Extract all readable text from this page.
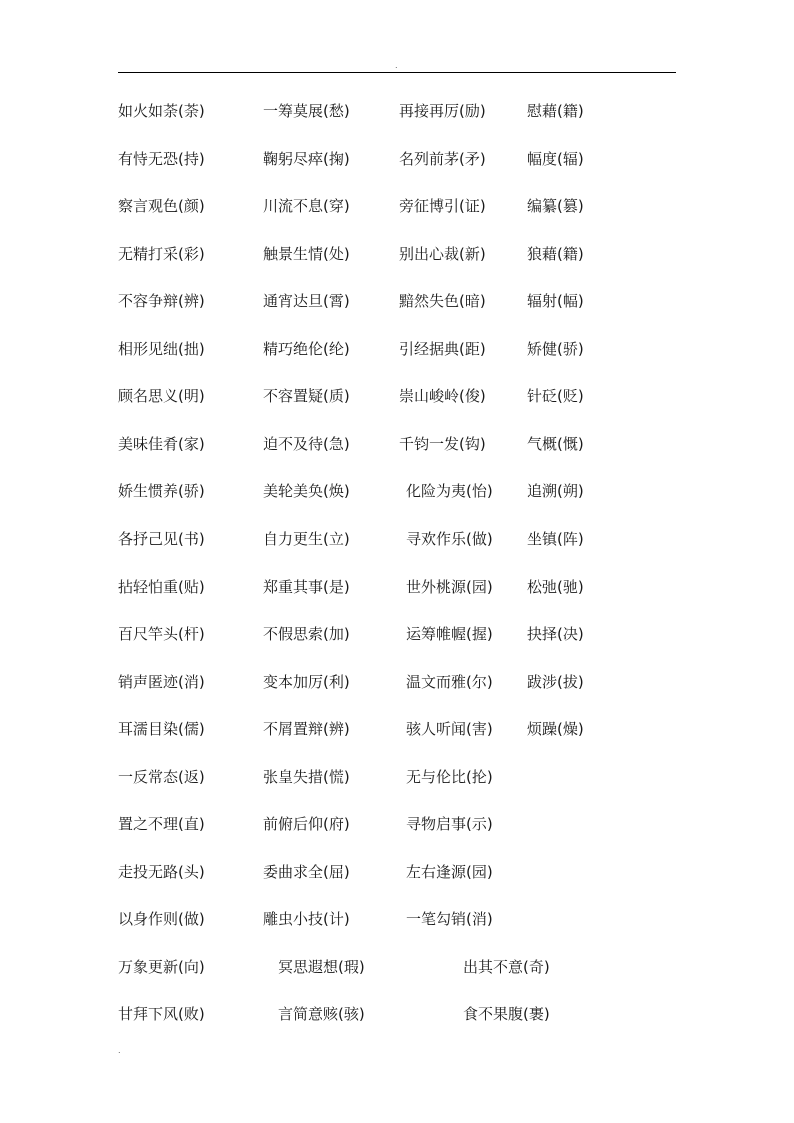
.
如火如荼(荼)	一筹莫展(愁)	再接再厉(励)	慰藉(籍)
有恃无恐(持)	鞠躬尽瘁(掬)	名列前茅(矛)	幅度(辐)
察言观色(颜)	川流不息(穿)	旁征博引(证)	编纂(篡)
无精打采(彩)	触景生情(处)	别出心裁(新)	狼藉(籍)
不容争辩(辨)	通宵达旦(霄)	黯然失色(暗)	辐射(幅)
相形见绌(拙)	精巧绝伦(纶)	引经据典(距)	矫健(骄)
顾名思义(明)	不容置疑(质)	崇山峻岭(俊)	针砭(贬)
美味佳肴(家)	迫不及待(急)	千钧一发(钩)	气概(慨)
娇生惯养(骄)	美轮美奂(焕)	化险为夷(怡) 追溯(朔)
各抒己见(书)	自力更生(立)	寻欢作乐(做) 坐镇(阵)
拈轻怕重(贴)	郑重其事(是)	世外桃源(园) 松弛(驰)
百尺竿头(杆)	不假思索(加)	运筹帷幄(握) 抉择(决)
销声匿迹(消)	变本加厉(利)	温文而雅(尔) 跋涉(拔)
耳濡目染(儒)	不屑置辩(辨)	骇人听闻(害) 烦躁(燥)
一反常态(返)	张皇失措(慌)	无与伦比(抡)
置之不理(直)	前俯后仰(府)	寻物启事(示)
走投无路(头)	委曲求全(屈)	左右逢源(园)
以身作则(做)	雕虫小技(计)	一笔勾销(消)
万象更新(向)	冥思遐想(瑕)	出其不意(奇)
甘拜下风(败)	言简意赅(骇)	食不果腹(裹)
.
